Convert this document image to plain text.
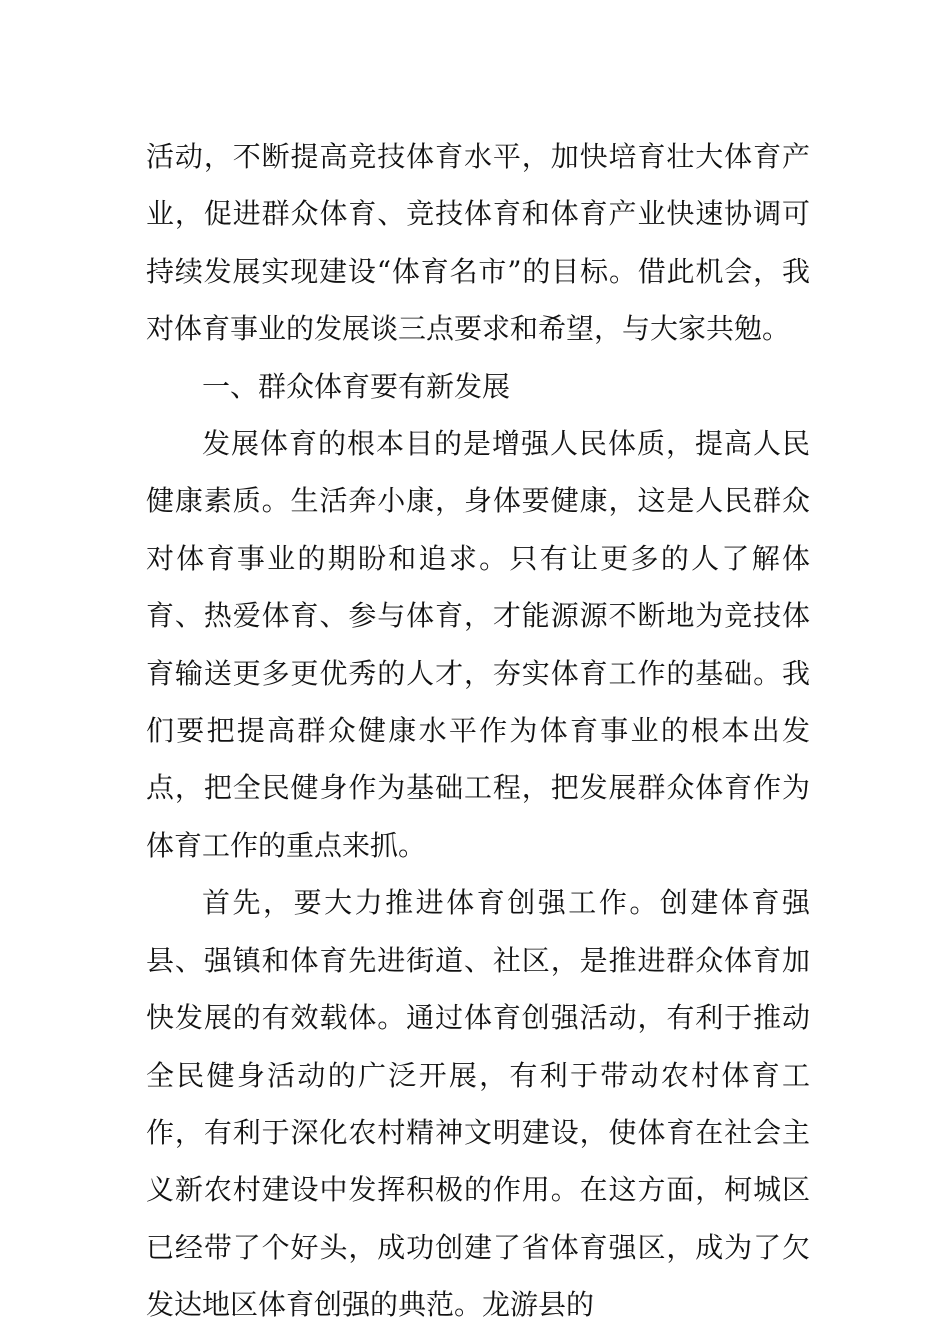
活动，不断提高竞技体育水平，加快培育壮大体育产业，促进群众体育、竞技体育和体育产业快速协调可持续发展实现建设“体育名市”的目标。借此机会，我对体育事业的发展谈三点要求和希望，与大家共勉。

一、群众体育要有新发展

发展体育的根本目的是增强人民体质，提高人民健康素质。生活奔小康，身体要健康，这是人民群众对体育事业的期盼和追求。只有让更多的人了解体育、热爱体育、参与体育，才能源源不断地为竞技体育输送更多更优秀的人才，夯实体育工作的基础。我们要把提高群众健康水平作为体育事业的根本出发点，把全民健身作为基础工程，把发展群众体育作为体育工作的重点来抓。

首先，要大力推进体育创强工作。创建体育强县、强镇和体育先进街道、社区，是推进群众体育加快发展的有效载体。通过体育创强活动，有利于推动全民健身活动的广泛开展，有利于带动农村体育工作，有利于深化农村精神文明建设，使体育在社会主义新农村建设中发挥积极的作用。在这方面，柯城区已经带了个好头，成功创建了省体育强区，成为了欠发达地区体育创强的典范。龙游县的
